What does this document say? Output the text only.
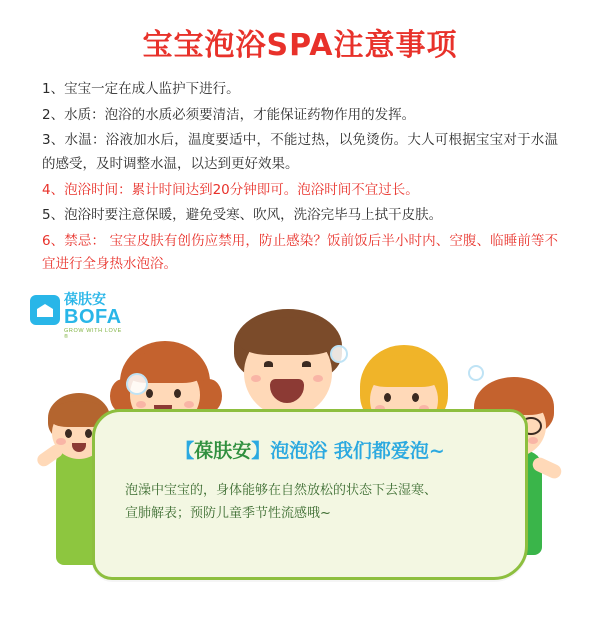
宝宝泡浴SPA注意事项
1、宝宝一定在成人监护下进行。
2、水质：泡浴的水质必须要清洁，才能保证药物作用的发挥。
3、水温：浴液加水后，温度要适中，不能过热，以免烫伤。大人可根据宝宝对于水温的感受，及时调整水温，以达到更好效果。
4、泡浴时间：累计时间达到20分钟即可。泡浴时间不宜过长。
5、泡浴时要注意保暖，避免受寒、吹风，洗浴完毕马上拭干皮肤。
6、禁忌： 宝宝皮肤有创伤应禁用，防止感染？饭前饭后半小时内、空腹、临睡前等不宜进行全身热水泡浴。
葆肤安
BOFA
GROW WITH LOVE ®
【葆肤安】泡泡浴 我们都爱泡~
泡澡中宝宝的，身体能够在自然放松的状态下去湿寒、
宣肺解表；预防儿童季节性流感哦~
